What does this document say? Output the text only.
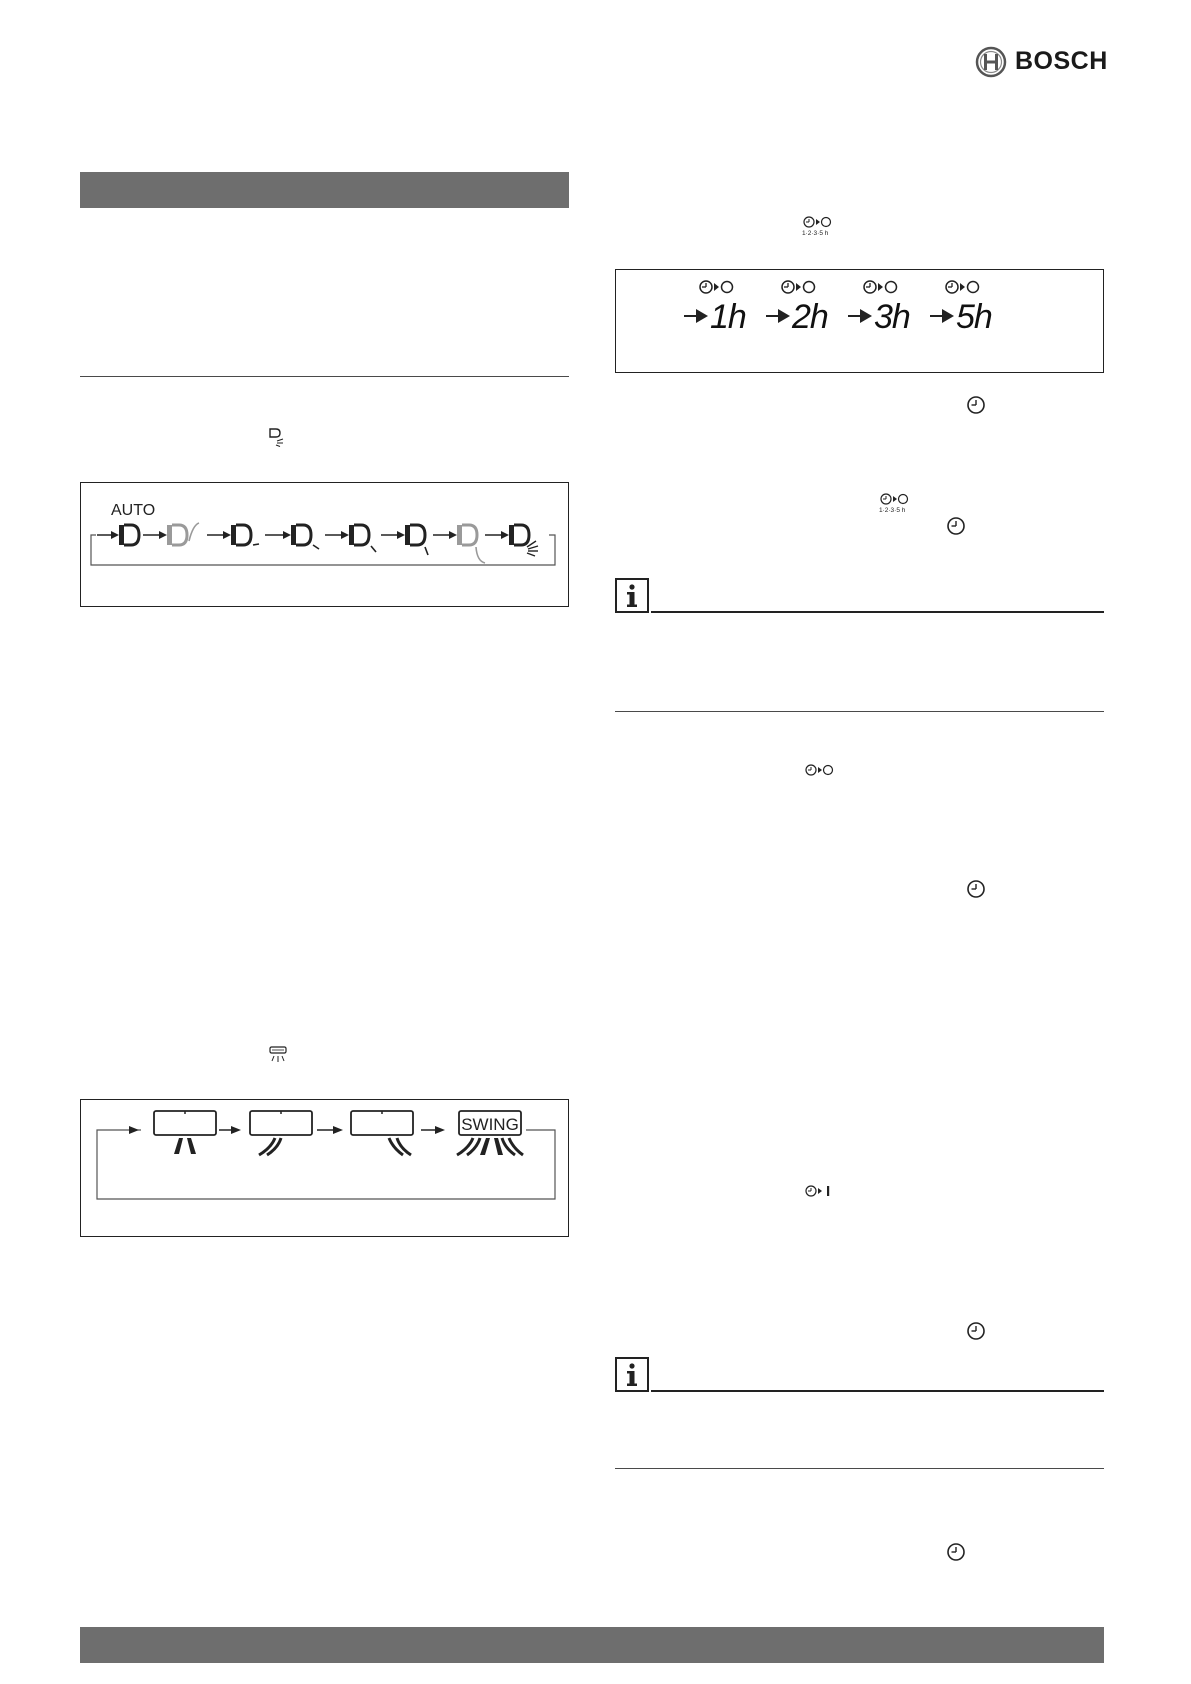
BOSCH
AUTO
SWING
1·2·3·5 h
1h 2h 3h 5h
1·2·3·5 h
